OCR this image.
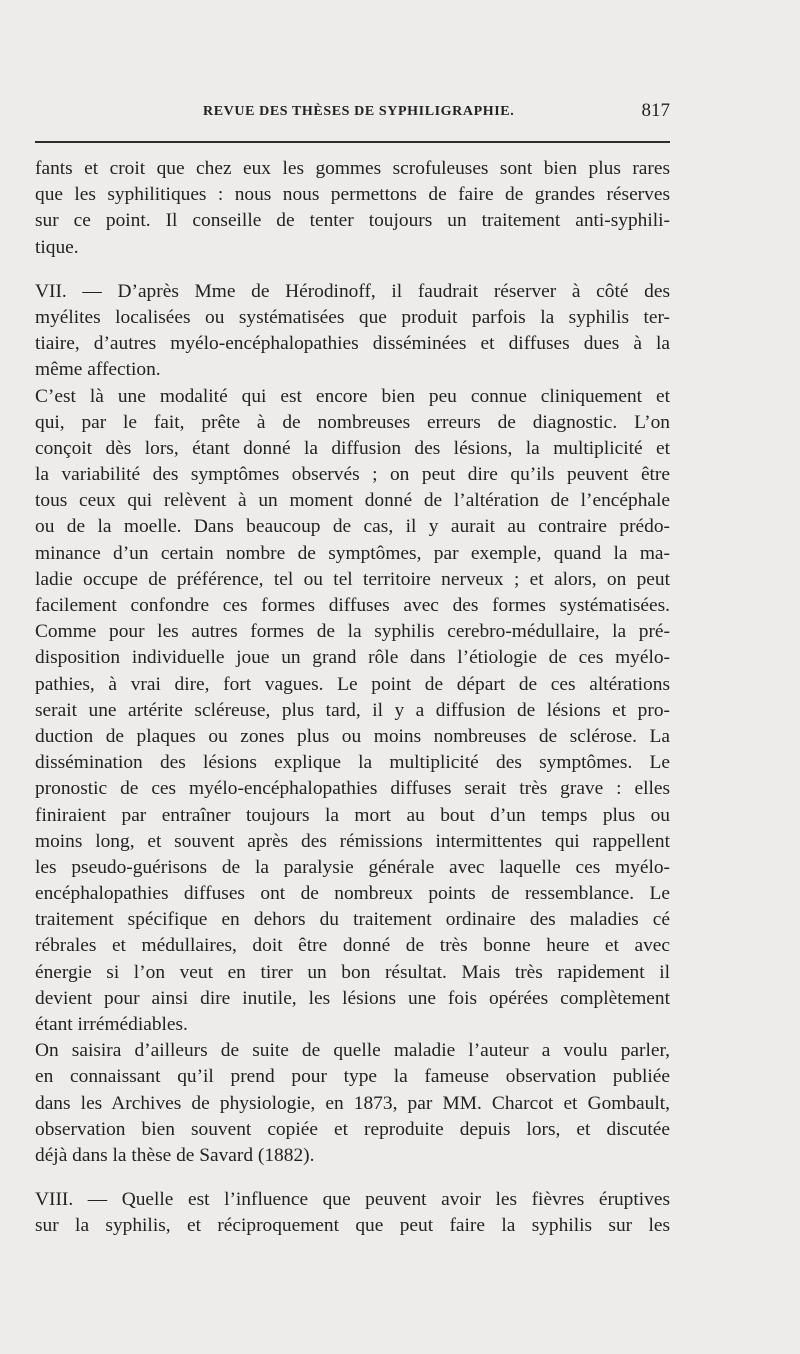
REVUE DES THÈSES DE SYPHILIGRAPHIE.	817
fants et croit que chez eux les gommes scrofuleuses sont bien plus rares
que les syphilitiques : nous nous permettons de faire de grandes réserves
sur ce point. Il conseille de tenter toujours un traitement anti-syphili-
tique.
VII. — D’après Mme de Hérodinoff, il faudrait réserver à côté des
myélites localisées ou systématisées que produit parfois la syphilis ter-
tiaire, d’autres myélo-encéphalopathies disséminées et diffuses dues à la
même affection.
C’est là une modalité qui est encore bien peu connue cliniquement et
qui, par le fait, prête à de nombreuses erreurs de diagnostic. L’on
conçoit dès lors, étant donné la diffusion des lésions, la multiplicité et
la variabilité des symptômes observés ; on peut dire qu’ils peuvent être
tous ceux qui relèvent à un moment donné de l’altération de l’encéphale
ou de la moelle. Dans beaucoup de cas, il y aurait au contraire prédo-
minance d’un certain nombre de symptômes, par exemple, quand la ma-
ladie occupe de préférence, tel ou tel territoire nerveux ; et alors, on peut
facilement confondre ces formes diffuses avec des formes systématisées.
Comme pour les autres formes de la syphilis cerebro-médullaire, la pré-
disposition individuelle joue un grand rôle dans l’étiologie de ces myélo-
pathies, à vrai dire, fort vagues. Le point de départ de ces altérations
serait une artérite scléreuse, plus tard, il y a diffusion de lésions et pro-
duction de plaques ou zones plus ou moins nombreuses de sclérose. La
dissémination des lésions explique la multiplicité des symptômes. Le
pronostic de ces myélo-encéphalopathies diffuses serait très grave : elles
finiraient par entraîner toujours la mort au bout d’un temps plus ou
moins long, et souvent après des rémissions intermittentes qui rappellent
les pseudo-guérisons de la paralysie générale avec laquelle ces myélo-
encéphalopathies diffuses ont de nombreux points de ressemblance. Le
traitement spécifique en dehors du traitement ordinaire des maladies cé
rébrales et médullaires, doit être donné de très bonne heure et avec
énergie si l’on veut en tirer un bon résultat. Mais très rapidement il
devient pour ainsi dire inutile, les lésions une fois opérées complètement
étant irrémédiables.
On saisira d’ailleurs de suite de quelle maladie l’auteur a voulu parler,
en connaissant qu’il prend pour type la fameuse observation publiée
dans les Archives de physiologie, en 1873, par MM. Charcot et Gombault,
observation bien souvent copiée et reproduite depuis lors, et discutée
déjà dans la thèse de Savard (1882).
VIII. — Quelle est l’influence que peuvent avoir les fièvres éruptives
sur la syphilis, et réciproquement que peut faire la syphilis sur les
